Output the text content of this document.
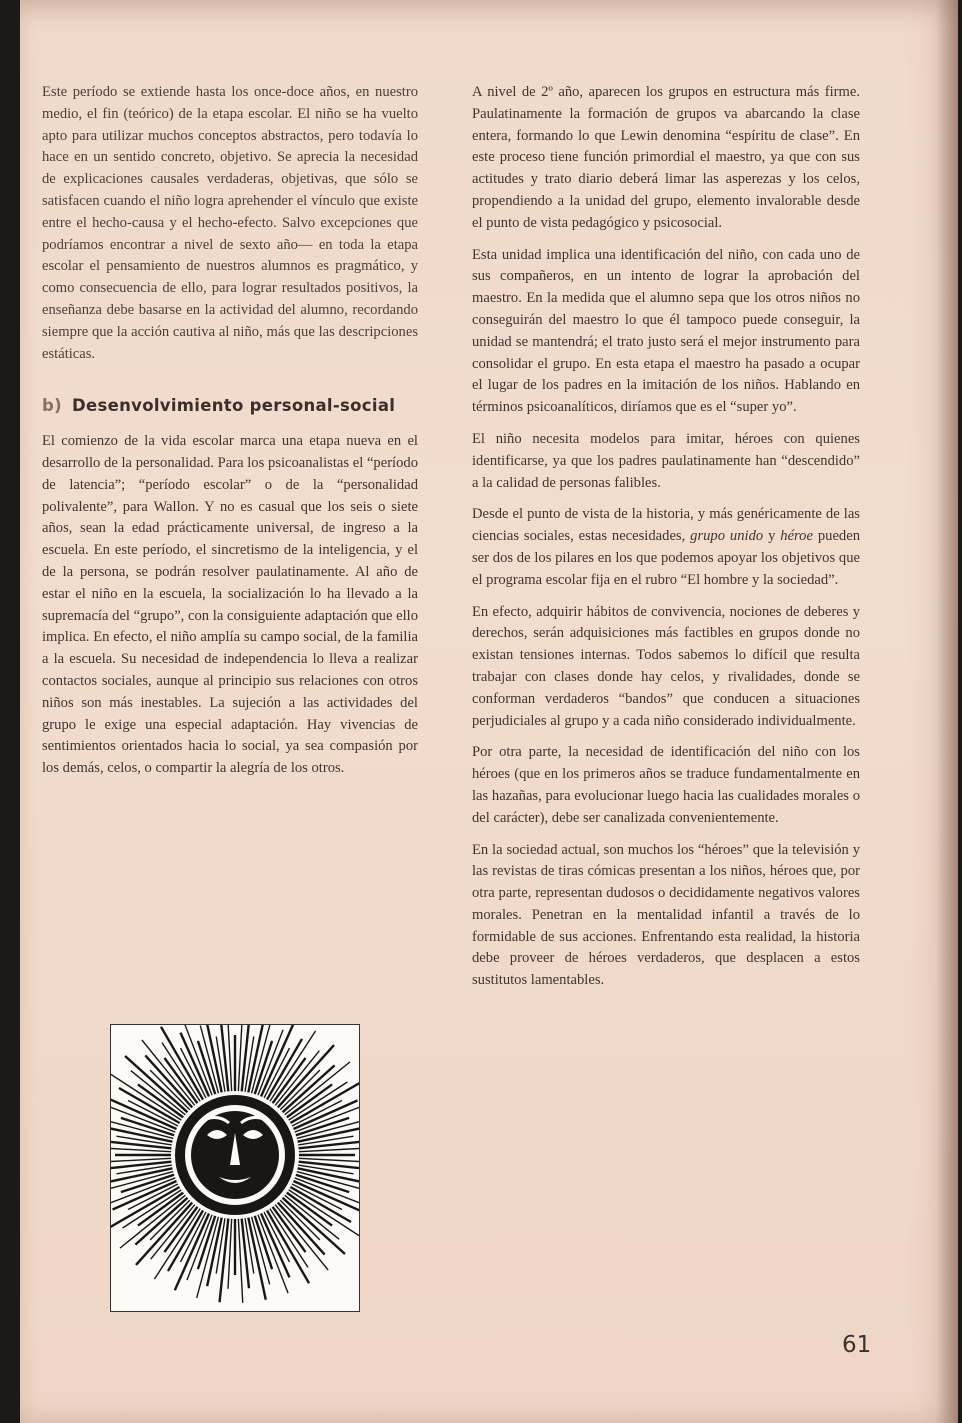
Este período se extiende hasta los once-doce años, en nuestro medio, el fin (teórico) de la etapa escolar. El niño se ha vuelto apto para utilizar muchos conceptos abstractos, pero todavía lo hace en un sentido concreto, objetivo. Se aprecia la necesidad de explicaciones causales verdaderas, objetivas, que sólo se satisfacen cuando el niño logra aprehender el vínculo que existe entre el hecho-causa y el hecho-efecto. Salvo excepciones que podríamos encontrar a nivel de sexto año— en toda la etapa escolar el pensamiento de nuestros alumnos es pragmático, y como consecuencia de ello, para lograr resultados positivos, la enseñanza debe basarse en la actividad del alumno, recordando siempre que la acción cautiva al niño, más que las descripciones estáticas.

b) Desenvolvimiento personal-social

El comienzo de la vida escolar marca una etapa nueva en el desarrollo de la personalidad. Para los psicoanalistas el “período de latencia”; “período escolar” o de la “personalidad polivalente”, para Wallon. Y no es casual que los seis o siete años, sean la edad prácticamente universal, de ingreso a la escuela. En este período, el sincretismo de la inteligencia, y el de la persona, se podrán resolver paulatinamente. Al año de estar el niño en la escuela, la socialización lo ha llevado a la supremacía del “grupo”, con la consiguiente adaptación que ello implica. En efecto, el niño amplía su campo social, de la familia a la escuela. Su necesidad de independencia lo lleva a realizar contactos sociales, aunque al principio sus relaciones con otros niños son más inestables. La sujeción a las actividades del grupo le exige una especial adaptación. Hay vivencias de sentimientos orientados hacia lo social, ya sea compasión por los demás, celos, o compartir la alegría de los otros.

A nivel de 2º año, aparecen los grupos en estructura más firme. Paulatinamente la formación de grupos va abarcando la clase entera, formando lo que Lewin denomina “espíritu de clase”. En este proceso tiene función primordial el maestro, ya que con sus actitudes y trato diario deberá limar las asperezas y los celos, propendiendo a la unidad del grupo, elemento invalorable desde el punto de vista pedagógico y psicosocial.

Esta unidad implica una identificación del niño, con cada uno de sus compañeros, en un intento de lograr la aprobación del maestro. En la medida que el alumno sepa que los otros niños no conseguirán del maestro lo que él tampoco puede conseguir, la unidad se mantendrá; el trato justo será el mejor instrumento para consolidar el grupo. En esta etapa el maestro ha pasado a ocupar el lugar de los padres en la imitación de los niños. Hablando en términos psicoanalíticos, diríamos que es el “super yo”.

El niño necesita modelos para imitar, héroes con quienes identificarse, ya que los padres paulatinamente han “descendido” a la calidad de personas falibles.

Desde el punto de vista de la historia, y más genéricamente de las ciencias sociales, estas necesidades, grupo unido y héroe pueden ser dos de los pilares en los que podemos apoyar los objetivos que el programa escolar fija en el rubro “El hombre y la sociedad”.

En efecto, adquirir hábitos de convivencia, nociones de deberes y derechos, serán adquisiciones más factibles en grupos donde no existan tensiones internas. Todos sabemos lo difícil que resulta trabajar con clases donde hay celos, y rivalidades, donde se conforman verdaderos “bandos” que conducen a situaciones perjudiciales al grupo y a cada niño considerado individualmente.

Por otra parte, la necesidad de identificación del niño con los héroes (que en los primeros años se traduce fundamentalmente en las hazañas, para evolucionar luego hacia las cualidades morales o del carácter), debe ser canalizada convenientemente.

En la sociedad actual, son muchos los “héroes” que la televisión y las revistas de tiras cómicas presentan a los niños, héroes que, por otra parte, representan dudosos o decididamente negativos valores morales. Penetran en la mentalidad infantil a través de lo formidable de sus acciones. Enfrentando esta realidad, la historia debe proveer de héroes verdaderos, que desplacen a estos sustitutos lamentables.

61
